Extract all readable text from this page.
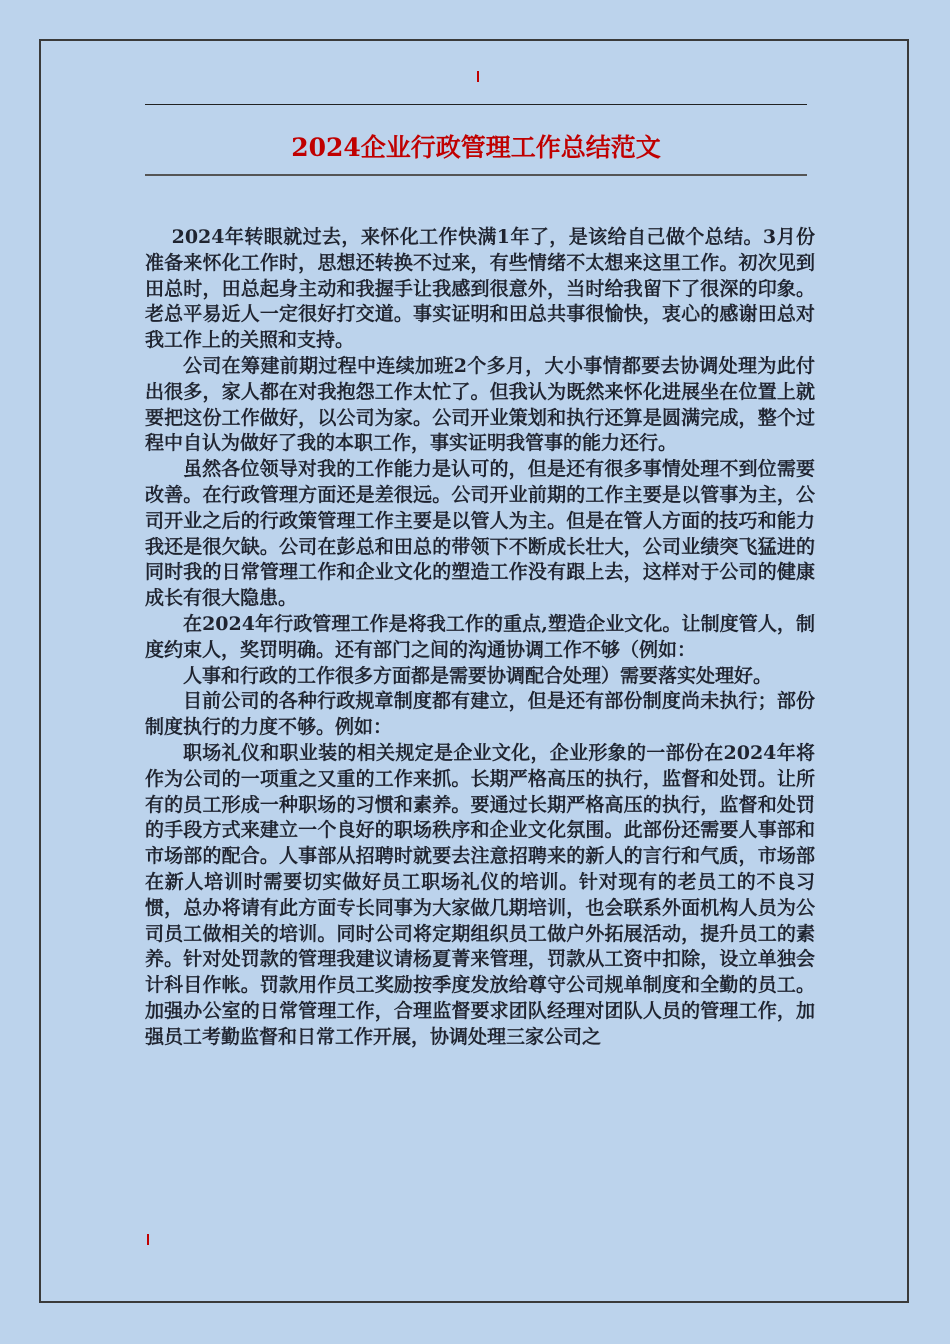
2024企业行政管理工作总结范文

2024年转眼就过去，来怀化工作快满1年了，是该给自己做个总结。3月份准备来怀化工作时，思想还转换不过来，有些情绪不太想来这里工作。初次见到田总时，田总起身主动和我握手让我感到很意外，当时给我留下了很深的印象。老总平易近人一定很好打交道。事实证明和田总共事很愉快，衷心的感谢田总对我工作上的关照和支持。

公司在筹建前期过程中连续加班2个多月，大小事情都要去协调处理为此付出很多，家人都在对我抱怨工作太忙了。但我认为既然来怀化进展坐在位置上就要把这份工作做好，以公司为家。公司开业策划和执行还算是圆满完成，整个过程中自认为做好了我的本职工作，事实证明我管事的能力还行。

虽然各位领导对我的工作能力是认可的，但是还有很多事情处理不到位需要改善。在行政管理方面还是差很远。公司开业前期的工作主要是以管事为主，公司开业之后的行政策管理工作主要是以管人为主。但是在管人方面的技巧和能力我还是很欠缺。公司在彭总和田总的带领下不断成长壮大，公司业绩突飞猛进的同时我的日常管理工作和企业文化的塑造工作没有跟上去，这样对于公司的健康成长有很大隐患。

在2024年行政管理工作是将我工作的重点,塑造企业文化。让制度管人，制度约束人，奖罚明确。还有部门之间的沟通协调工作不够（例如：

人事和行政的工作很多方面都是需要协调配合处理）需要落实处理好。

目前公司的各种行政规章制度都有建立，但是还有部份制度尚未执行；部份制度执行的力度不够。例如：

职场礼仪和职业装的相关规定是企业文化，企业形象的一部份在2024年将作为公司的一项重之又重的工作来抓。长期严格高压的执行，监督和处罚。让所有的员工形成一种职场的习惯和素养。要通过长期严格高压的执行，监督和处罚的手段方式来建立一个良好的职场秩序和企业文化氛围。此部份还需要人事部和市场部的配合。人事部从招聘时就要去注意招聘来的新人的言行和气质，市场部在新人培训时需要切实做好员工职场礼仪的培训。针对现有的老员工的不良习惯，总办将请有此方面专长同事为大家做几期培训，也会联系外面机构人员为公司员工做相关的培训。同时公司将定期组织员工做户外拓展活动，提升员工的素养。针对处罚款的管理我建议请杨夏菁来管理，罚款从工资中扣除，设立单独会计科目作帐。罚款用作员工奖励按季度发放给尊守公司规单制度和全勤的员工。加强办公室的日常管理工作，合理监督要求团队经理对团队人员的管理工作，加强员工考勤监督和日常工作开展，协调处理三家公司之
